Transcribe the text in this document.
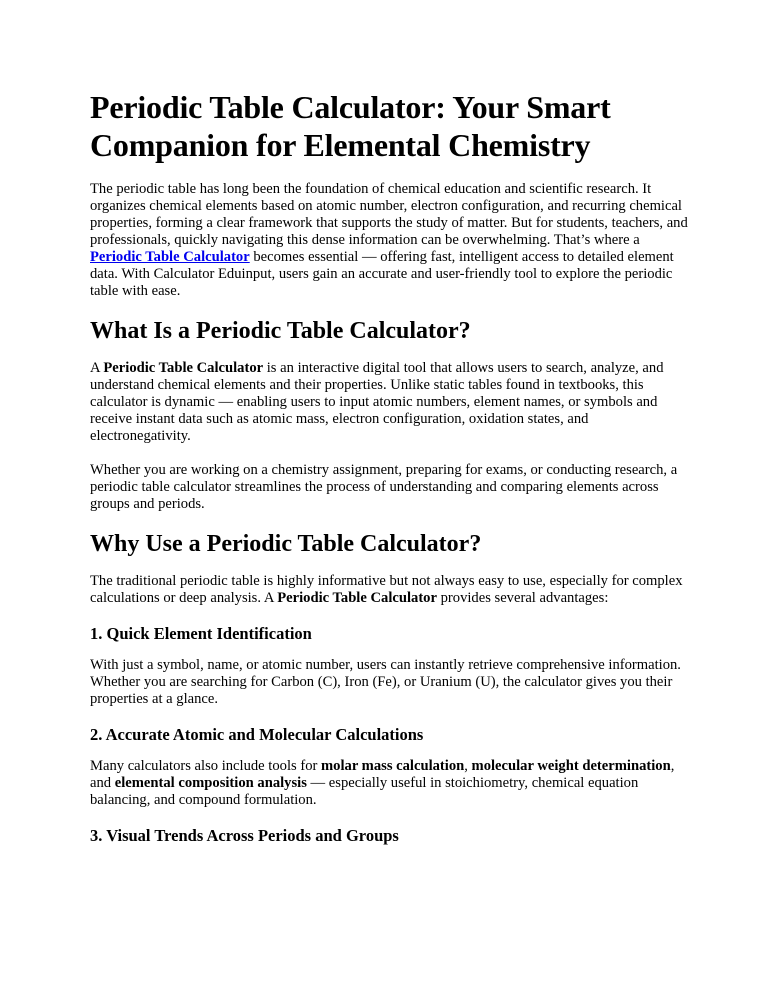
Periodic Table Calculator: Your Smart Companion for Elemental Chemistry

The periodic table has long been the foundation of chemical education and scientific research. It organizes chemical elements based on atomic number, electron configuration, and recurring chemical properties, forming a clear framework that supports the study of matter. But for students, teachers, and professionals, quickly navigating this dense information can be overwhelming. That’s where a Periodic Table Calculator becomes essential — offering fast, intelligent access to detailed element data. With Calculator Eduinput, users gain an accurate and user-friendly tool to explore the periodic table with ease.

What Is a Periodic Table Calculator?

A Periodic Table Calculator is an interactive digital tool that allows users to search, analyze, and understand chemical elements and their properties. Unlike static tables found in textbooks, this calculator is dynamic — enabling users to input atomic numbers, element names, or symbols and receive instant data such as atomic mass, electron configuration, oxidation states, and electronegativity.

Whether you are working on a chemistry assignment, preparing for exams, or conducting research, a periodic table calculator streamlines the process of understanding and comparing elements across groups and periods.

Why Use a Periodic Table Calculator?

The traditional periodic table is highly informative but not always easy to use, especially for complex calculations or deep analysis. A Periodic Table Calculator provides several advantages:

1. Quick Element Identification

With just a symbol, name, or atomic number, users can instantly retrieve comprehensive information. Whether you are searching for Carbon (C), Iron (Fe), or Uranium (U), the calculator gives you their properties at a glance.

2. Accurate Atomic and Molecular Calculations

Many calculators also include tools for molar mass calculation, molecular weight determination, and elemental composition analysis — especially useful in stoichiometry, chemical equation balancing, and compound formulation.

3. Visual Trends Across Periods and Groups
